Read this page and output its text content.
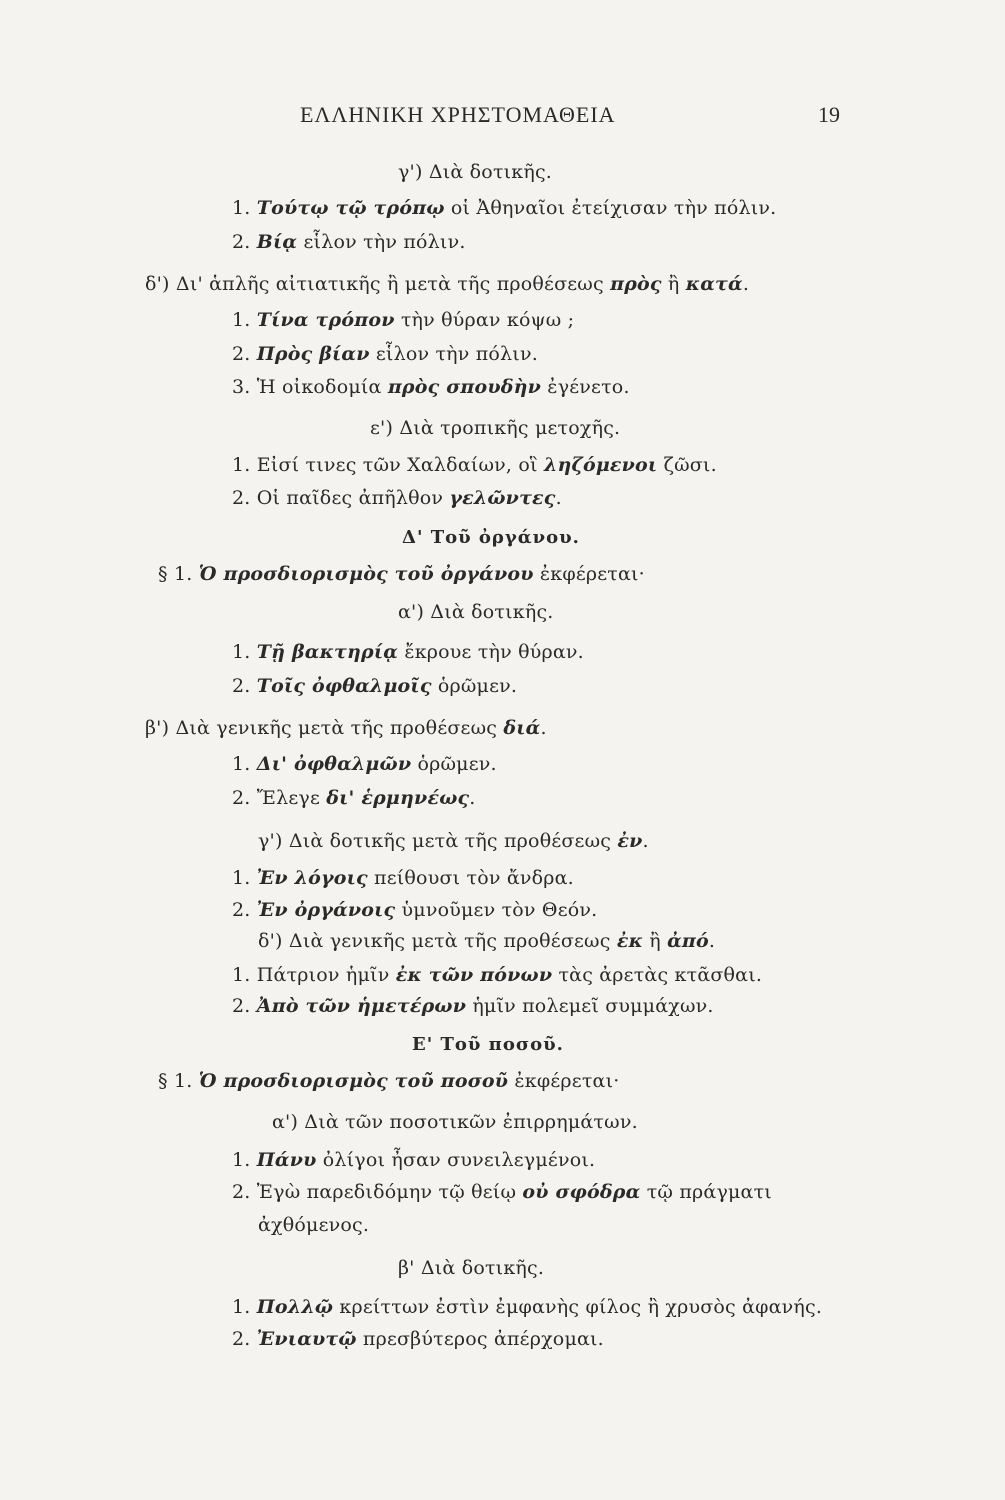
ΕΛΛΗΝΙΚΗ ΧΡΗΣΤΟΜΑΘΕΙΑ	19
γ') Διὰ δοτικῆς.
1. Τούτῳ τῷ τρόπῳ οἱ Ἀθηναῖοι ἐτείχισαν τὴν πόλιν.
2. Βίᾳ εἷλον τὴν πόλιν.
δ') Δι' ἁπλῆς αἰτιατικῆς ἢ μετὰ τῆς προθέσεως πρὸς ἢ κατά.
1. Τίνα τρόπον τὴν θύραν κόψω ;
2. Πρὸς βίαν εἷλον τὴν πόλιν.
3. Ἡ οἰκοδομία πρὸς σπουδὴν ἐγένετο.
ε') Διὰ τροπικῆς μετοχῆς.
1. Εἰσί τινες τῶν Χαλδαίων, οἳ ληζόμενοι ζῶσι.
2. Οἱ παῖδες ἀπῆλθον γελῶντες.
Δ' Τοῦ ὀργάνου.
§ 1. Ὁ προσδιορισμὸς τοῦ ὀργάνου ἐκφέρεται·
α') Διὰ δοτικῆς.
1. Τῇ βακτηρίᾳ ἔκρουε τὴν θύραν.
2. Τοῖς ὀφθαλμοῖς ὁρῶμεν.
β') Διὰ γενικῆς μετὰ τῆς προθέσεως διά.
1. Δι' ὀφθαλμῶν ὁρῶμεν.
2. Ἔλεγε δι' ἑρμηνέως.
γ') Διὰ δοτικῆς μετὰ τῆς προθέσεως ἐν.
1. Ἐν λόγοις πείθουσι τὸν ἄνδρα.
2. Ἐν ὀργάνοις ὑμνοῦμεν τὸν Θεόν.
δ') Διὰ γενικῆς μετὰ τῆς προθέσεως ἐκ ἢ ἀπό.
1. Πάτριον ἡμῖν ἐκ τῶν πόνων τὰς ἀρετὰς κτᾶσθαι.
2. Ἀπὸ τῶν ἡμετέρων ἡμῖν πολεμεῖ συμμάχων.
Ε' Τοῦ ποσοῦ.
§ 1. Ὁ προσδιορισμὸς τοῦ ποσοῦ ἐκφέρεται·
α') Διὰ τῶν ποσοτικῶν ἐπιρρημάτων.
1. Πάνυ ὀλίγοι ἦσαν συνειλεγμένοι.
2. Ἐγὼ παρεδιδόμην τῷ θείῳ οὐ σφόδρα τῷ πράγματι
ἀχθόμενος.
β' Διὰ δοτικῆς.
1. Πολλῷ κρείττων ἐστὶν ἐμφανὴς φίλος ἢ χρυσὸς ἀφανής.
2. Ἐνιαυτῷ πρεσβύτερος ἀπέρχομαι.
